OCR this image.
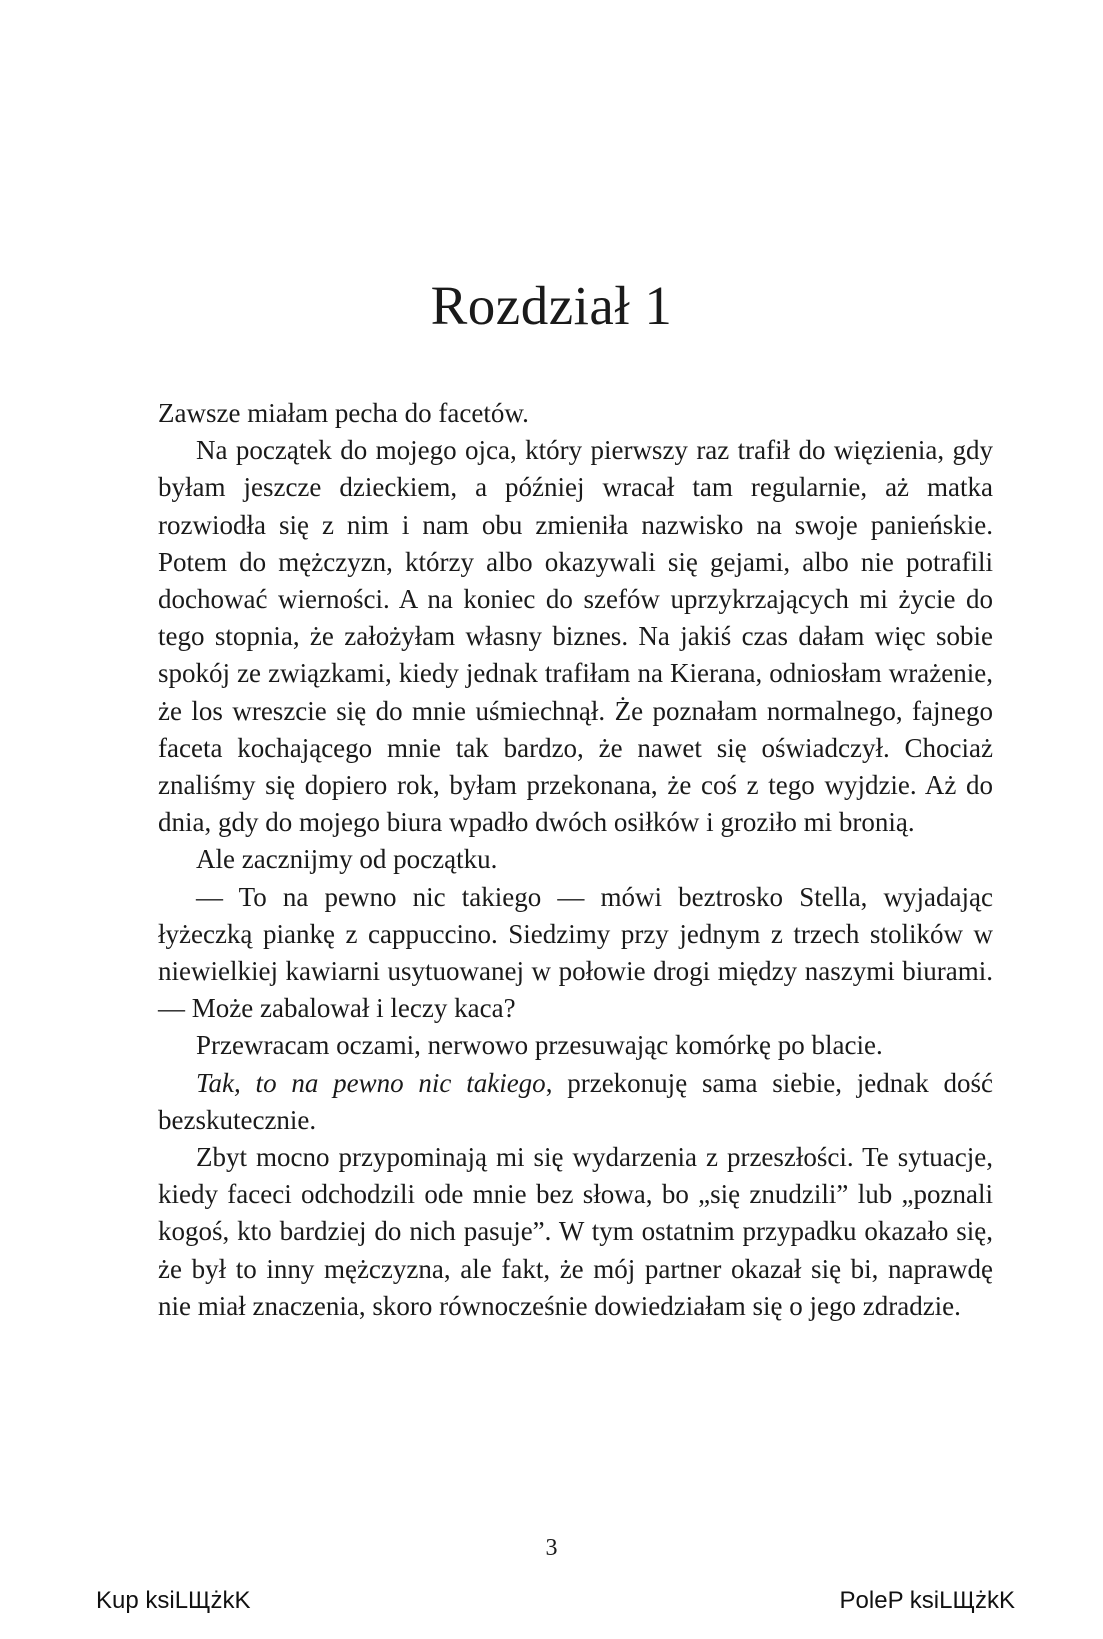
Rozdział 1

Zawsze miałam pecha do facetów.

Na początek do mojego ojca, który pierwszy raz trafił do więzienia, gdy byłam jeszcze dzieckiem, a później wracał tam regularnie, aż matka rozwiodła się z nim i nam obu zmieniła nazwisko na swoje panieńskie. Potem do mężczyzn, którzy albo okazywali się gejami, albo nie potrafili dochować wierności. A na koniec do szefów uprzykrzających mi życie do tego stopnia, że założyłam własny biznes. Na jakiś czas dałam więc sobie spokój ze związkami, kiedy jednak trafiłam na Kierana, odniosłam wrażenie, że los wreszcie się do mnie uśmiechnął. Że poznałam normalnego, fajnego faceta kochającego mnie tak bardzo, że nawet się oświadczył. Chociaż znaliśmy się dopiero rok, byłam przekonana, że coś z tego wyjdzie. Aż do dnia, gdy do mojego biura wpadło dwóch osiłków i groziło mi bronią.

Ale zacznijmy od początku.

— To na pewno nic takiego — mówi beztrosko Stella, wyjadając łyżeczką piankę z cappuccino. Siedzimy przy jednym z trzech stolików w niewielkiej kawiarni usytuowanej w połowie drogi między naszymi biurami. — Może zabalował i leczy kaca?

Przewracam oczami, nerwowo przesuwając komórkę po blacie.

Tak, to na pewno nic takiego, przekonuję sama siebie, jednak dość bezskutecznie.

Zbyt mocno przypominają mi się wydarzenia z przeszłości. Te sytuacje, kiedy faceci odchodzili ode mnie bez słowa, bo „się znudzili” lub „poznali kogoś, kto bardziej do nich pasuje”. W tym ostatnim przypadku okazało się, że był to inny mężczyzna, ale fakt, że mój partner okazał się bi, naprawdę nie miał znaczenia, skoro równocześnie dowiedziałam się o jego zdradzie.

3
Kup ksiLЩżkK	PoleP ksiLЩżkK
